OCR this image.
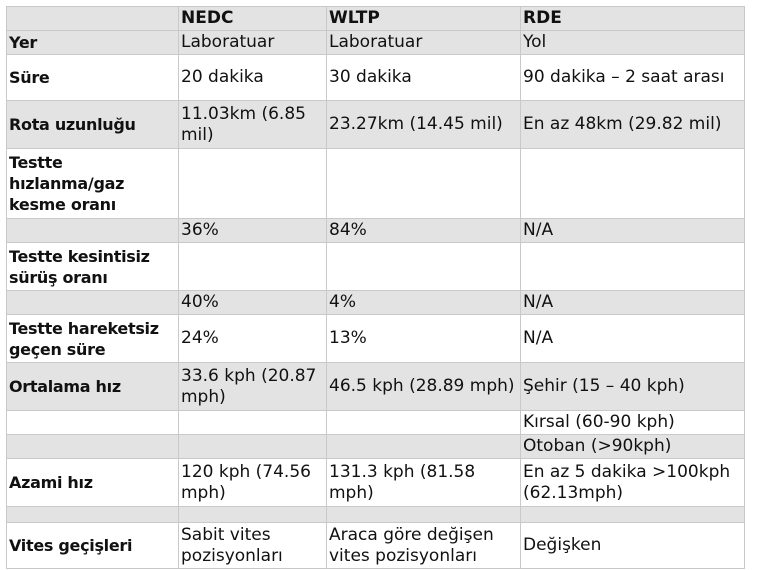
	NEDC	WLTP	RDE
Yer	Laboratuar	Laboratuar	Yol
Süre	20 dakika	30 dakika	90 dakika – 2 saat arası
Rota uzunluğu	11.03km (6.85 mil)	23.27km (14.45 mil)	En az 48km (29.82 mil)
Testte hızlanma/gaz kesme oranı			
	36%	84%	N/A
Testte kesintisiz sürüş oranı			
	40%	4%	N/A
Testte hareketsiz geçen süre	24%	13%	N/A
Ortalama hız	33.6 kph (20.87 mph)	46.5 kph (28.89 mph)	Şehir (15 – 40 kph)
			Kırsal (60-90 kph)
			Otoban (>90kph)
Azami hız	120 kph (74.56 mph)	131.3 kph (81.58 mph)	En az 5 dakika >100kph (62.13mph)

Vites geçişleri	Sabit vites pozisyonları	Araca göre değişen vites pozisyonları	Değişken
